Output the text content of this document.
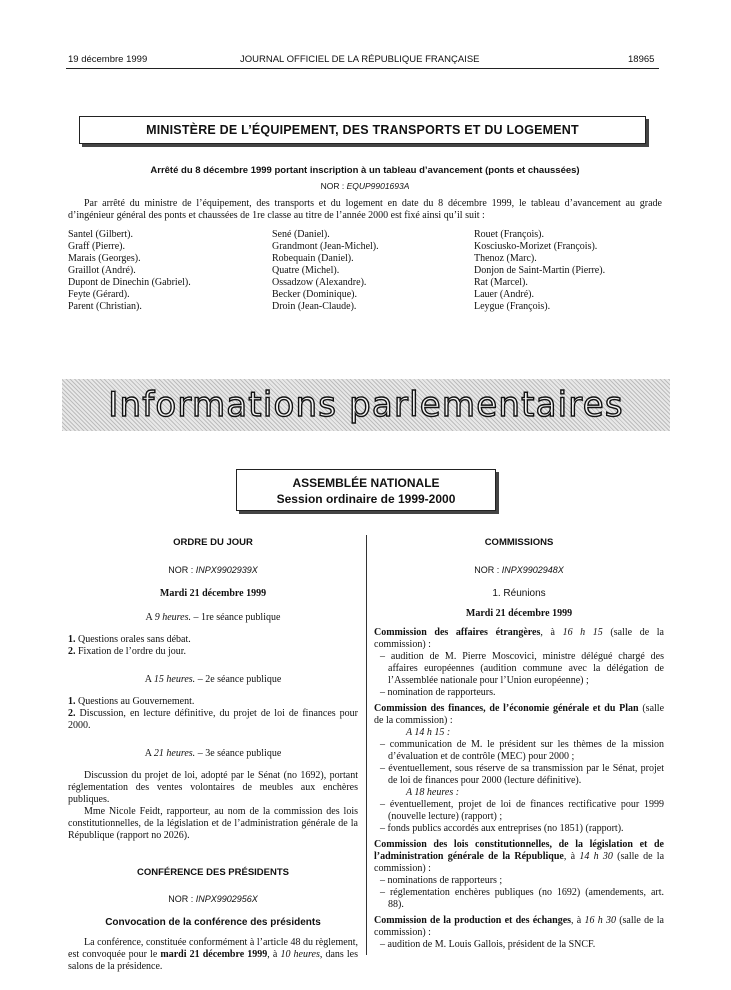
19 décembre 1999	JOURNAL OFFICIEL DE LA RÉPUBLIQUE FRANÇAISE	18965
MINISTÈRE DE L’ÉQUIPEMENT, DES TRANSPORTS ET DU LOGEMENT
Arrêté du 8 décembre 1999 portant inscription à un tableau d’avancement (ponts et chaussées)
NOR : EQUP9901693A
Par arrêté du ministre de l’équipement, des transports et du logement en date du 8 décembre 1999, le tableau d’avancement au grade d’ingénieur général des ponts et chaussées de 1re classe au titre de l’année 2000 est fixé ainsi qu’il suit :
Santel (Gilbert).
Graff (Pierre).
Marais (Georges).
Graillot (André).
Dupont de Dinechin (Gabriel).
Feyte (Gérard).
Parent (Christian).
Sené (Daniel).
Grandmont (Jean-Michel).
Robequain (Daniel).
Quatre (Michel).
Ossadzow (Alexandre).
Becker (Dominique).
Droin (Jean-Claude).
Rouet (François).
Kosciusko-Morizet (François).
Thenoz (Marc).
Donjon de Saint-Martin (Pierre).
Rat (Marcel).
Lauer (André).
Leygue (François).
Informations parlementaires
ASSEMBLÉE NATIONALE
Session ordinaire de 1999-2000

ORDRE DU JOUR

NOR : INPX9902939X

Mardi 21 décembre 1999

A 9 heures. – 1re séance publique

1. Questions orales sans débat.

2. Fixation de l’ordre du jour.

A 15 heures. – 2e séance publique

1. Questions au Gouvernement.

2. Discussion, en lecture définitive, du projet de loi de finances pour 2000.

A 21 heures. – 3e séance publique

Discussion du projet de loi, adopté par le Sénat (no 1692), portant réglementation des ventes volontaires de meubles aux enchères publiques.

Mme Nicole Feidt, rapporteur, au nom de la commission des lois constitutionnelles, de la législation et de l’administration générale de la République (rapport no 2026).

CONFÉRENCE DES PRÉSIDENTS

NOR : INPX9902956X

Convocation de la conférence des présidents

La conférence, constituée conformément à l’article 48 du règlement, est convoquée pour le mardi 21 décembre 1999, à 10 heures, dans les salons de la présidence.

COMMISSIONS

NOR : INPX9902948X

1. Réunions

Mardi 21 décembre 1999

Commission des affaires étrangères, à 16 h 15 (salle de la commission) :

– audition de M. Pierre Moscovici, ministre délégué chargé des affaires européennes (audition commune avec la délégation de l’Assemblée nationale pour l’Union européenne) ;

– nomination de rapporteurs.

Commission des finances, de l’économie générale et du Plan (salle de la commission) :

A 14 h 15 :

– communication de M. le président sur les thèmes de la mission d’évaluation et de contrôle (MEC) pour 2000 ;

– éventuellement, sous réserve de sa transmission par le Sénat, projet de loi de finances pour 2000 (lecture définitive).

A 18 heures :

– éventuellement, projet de loi de finances rectificative pour 1999 (nouvelle lecture) (rapport) ;

– fonds publics accordés aux entreprises (no 1851) (rapport).

Commission des lois constitutionnelles, de la législation et de l’administration générale de la République, à 14 h 30 (salle de la commission) :

– nominations de rapporteurs ;

– réglementation enchères publiques (no 1692) (amendements, art. 88).

Commission de la production et des échanges, à 16 h 30 (salle de la commission) :

– audition de M. Louis Gallois, président de la SNCF.
